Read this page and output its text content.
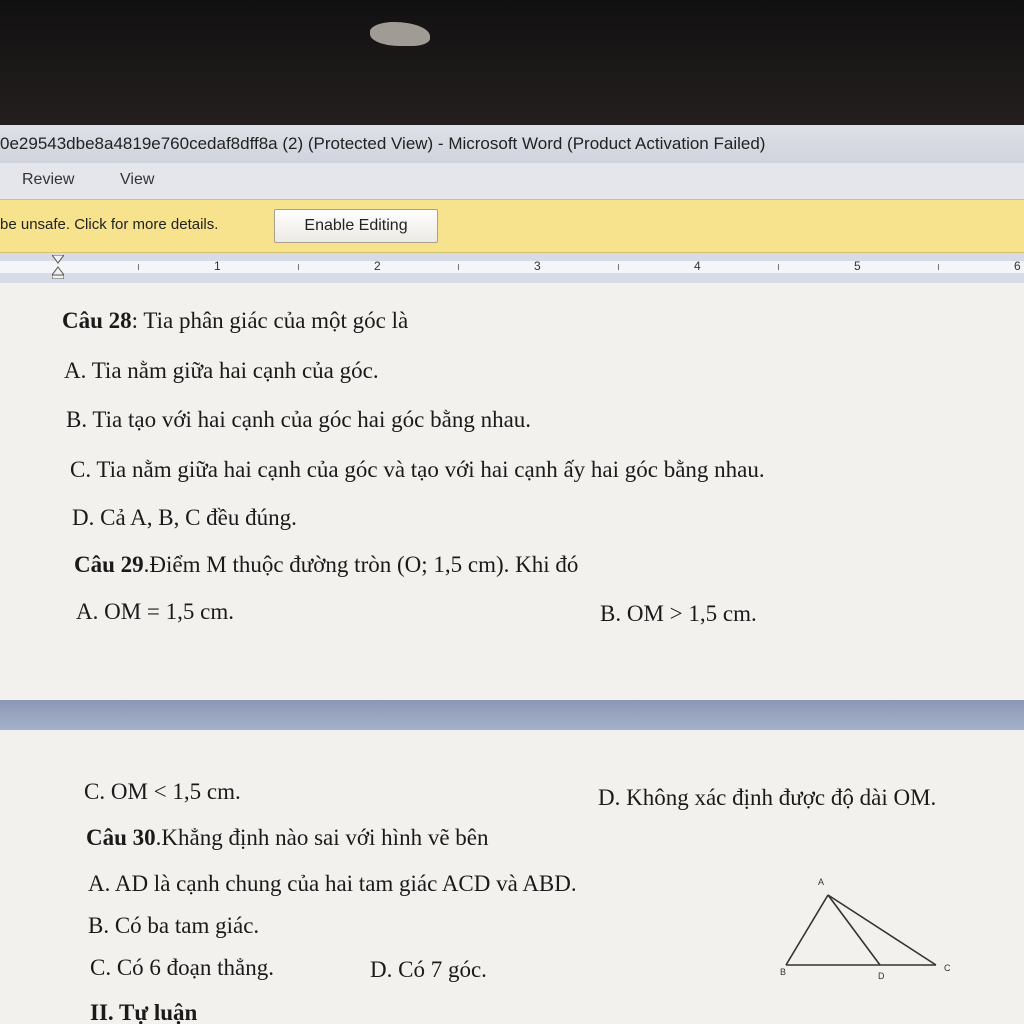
0e29543dbe8a4819e760cedaf8dff8a (2) (Protected View) - Microsoft Word (Product Activation Failed)
Review	View
be unsafe. Click for more details.	Enable Editing
1	2	3	4	5	6
Câu 28: Tia phân giác của một góc là
A. Tia nằm giữa hai cạnh của góc.
B. Tia tạo với hai cạnh của góc hai góc bằng nhau.
C. Tia nằm giữa hai cạnh của góc và tạo với hai cạnh ấy hai góc bằng nhau.
D. Cả A, B, C đều đúng.
Câu 29.Điểm M thuộc đường tròn (O; 1,5 cm). Khi đó
A. OM = 1,5 cm.	B. OM > 1,5 cm.
C. OM < 1,5 cm.	D. Không xác định được độ dài OM.
Câu 30.Khẳng định nào sai với hình vẽ bên
A. AD là cạnh chung của hai tam giác ACD và ABD.
B. Có ba tam giác.
C. Có 6 đoạn thẳng.	D. Có 7 góc.
II. Tự luận
A
B	D
C
